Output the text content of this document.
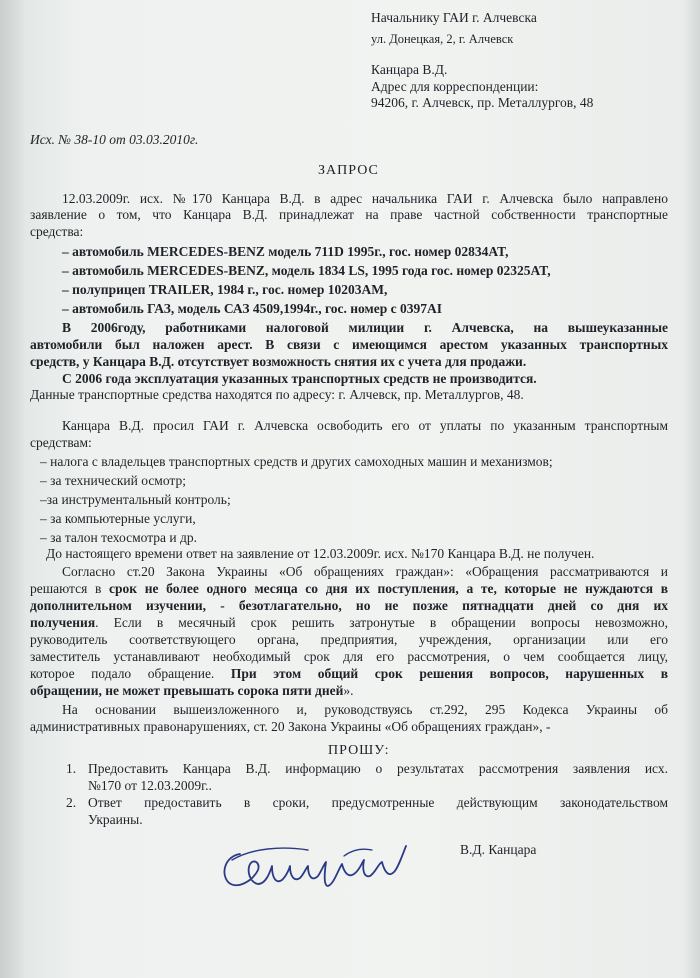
Начальнику ГАИ г. Алчевска
ул. Донецкая, 2, г. Алчевск
Канцара В.Д.
Адрес для корреспонденции:
94206, г. Алчевск, пр. Металлургов, 48
Исх. № 38-10 от 03.03.2010г.
ЗАПРОС
12.03.2009г. исх. №170 Канцара В.Д. в адрес начальника ГАИ г. Алчевска было направлено
заявление о том, что Канцара В.Д. принадлежат на праве частной собственности транспортные
средства:
– автомобиль MERCEDES-BENZ модель 711D 1995г., гос. номер 02834AT,
– автомобиль MERCEDES-BENZ, модель 1834 LS, 1995 года гос. номер 02325AT,
– полуприцеп TRAILER, 1984 г., гос. номер 10203AM,
– автомобиль ГАЗ, модель САЗ 4509,1994г., гос. номер с 0397AI
В 2006году, работниками налоговой милиции г. Алчевска, на вышеуказанные
автомобили был наложен арест. В связи с имеющимся арестом указанных транспортных
средств, у Канцара В.Д. отсутствует возможность снятия их с учета для продажи.
С 2006 года эксплуатация указанных транспортных средств не производится.
Данные транспортные средства находятся по адресу: г. Алчевск, пр. Металлургов, 48.
Канцара В.Д. просил ГАИ г. Алчевска освободить его от уплаты по указанным транспортным
средствам:
– налога с владельцев транспортных средств и других самоходных машин и механизмов;
– за технический осмотр;
–за инструментальный контроль;
– за компьютерные услуги,
– за талон техосмотра и др.
До настоящего времени ответ на заявление от 12.03.2009г. исх. №170 Канцара В.Д. не получен.
Согласно ст.20 Закона Украины «Об обращениях граждан»: «Обращения рассматриваются и
решаются в срок не более одного месяца со дня их поступления, а те, которые не нуждаются в
дополнительном изучении, - безотлагательно, но не позже пятнадцати дней со дня их
получения. Если в месячный срок решить затронутые в обращении вопросы невозможно,
руководитель соответствующего органа, предприятия, учреждения, организации или его
заместитель устанавливают необходимый срок для его рассмотрения, о чем сообщается лицу,
которое подало обращение. При этом общий срок решения вопросов, нарушенных в
обращении, не может превышать сорока пяти дней».
На основании вышеизложенного и, руководствуясь ст.292, 295 Кодекса Украины об
административных правонарушениях, ст. 20 Закона Украины «Об обращениях граждан», -
ПРОШУ:
1. Предоставить Канцара В.Д. информацию о результатах рассмотрения заявления исх.
№170 от 12.03.2009г..
2. Ответ предоставить в сроки, предусмотренные действующим законодательством
Украины.
В.Д. Канцара
